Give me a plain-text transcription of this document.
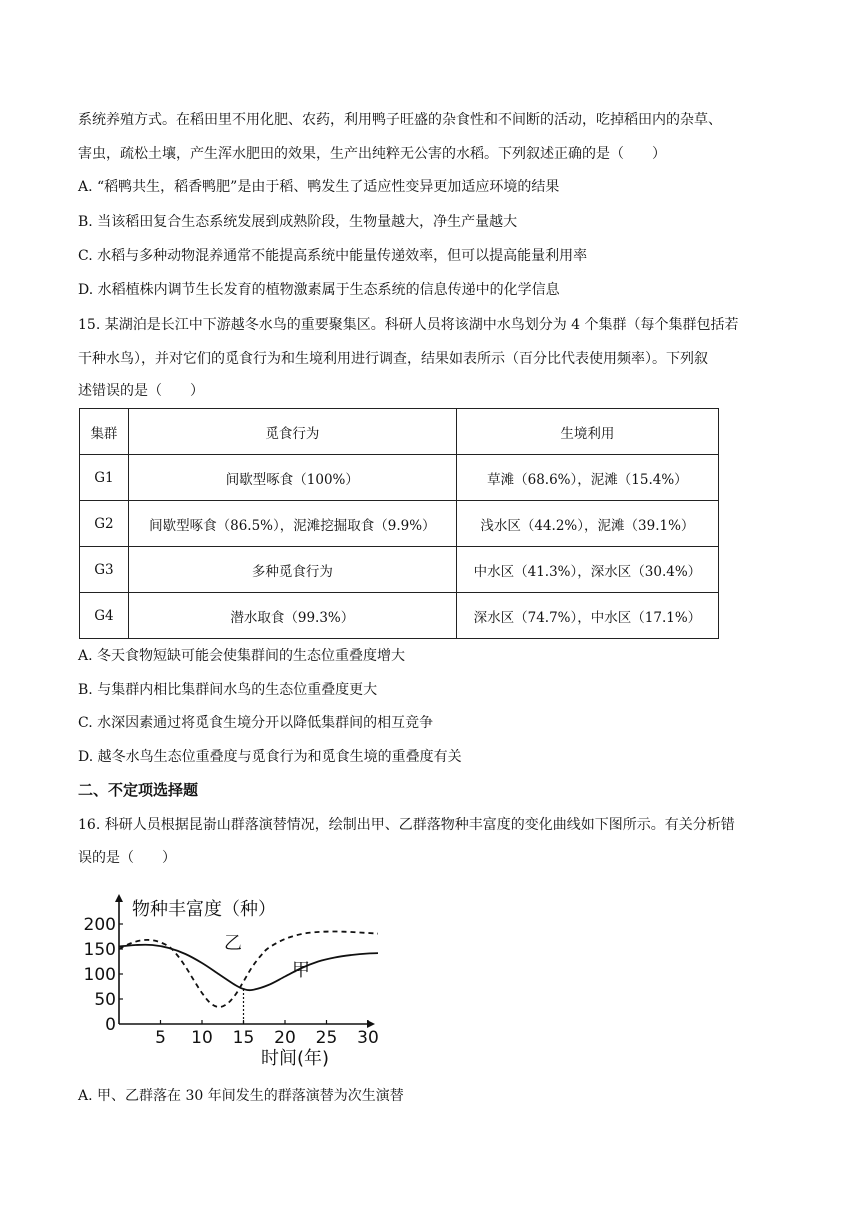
系统养殖方式。在稻田里不用化肥、农药，利用鸭子旺盛的杂食性和不间断的活动，吃掉稻田内的杂草、
害虫，疏松土壤，产生浑水肥田的效果，生产出纯粹无公害的水稻。下列叙述正确的是（　　）
A. “稻鸭共生，稻香鸭肥”是由于稻、鸭发生了适应性变异更加适应环境的结果
B. 当该稻田复合生态系统发展到成熟阶段，生物量越大，净生产量越大
C. 水稻与多种动物混养通常不能提高系统中能量传递效率，但可以提高能量利用率
D. 水稻植株内调节生长发育的植物激素属于生态系统的信息传递中的化学信息
15. 某湖泊是长江中下游越冬水鸟的重要聚集区。科研人员将该湖中水鸟划分为 4 个集群（每个集群包括若
干种水鸟），并对它们的觅食行为和生境利用进行调查，结果如表所示（百分比代表使用频率）。下列叙
述错误的是（　　）
集群	觅食行为	生境利用
G1	间歇型啄食（100%）	草滩（68.6%），泥滩（15.4%）
G2	间歇型啄食（86.5%），泥滩挖掘取食（9.9%）	浅水区（44.2%），泥滩（39.1%）
G3	多种觅食行为	中水区（41.3%），深水区（30.4%）
G4	潜水取食（99.3%）	深水区（74.7%），中水区（17.1%）
A. 冬天食物短缺可能会使集群间的生态位重叠度增大
B. 与集群内相比集群间水鸟的生态位重叠度更大
C. 水深因素通过将觅食生境分开以降低集群间的相互竞争
D. 越冬水鸟生态位重叠度与觅食行为和觅食生境的重叠度有关
二、不定项选择题
16. 科研人员根据昆嵛山群落演替情况，绘制出甲、乙群落物种丰富度的变化曲线如下图所示。有关分析错
误的是（　　）
5 10 15 20 25 30
50
100
150
200
0
物种丰富度（种）
时间(年)
乙
甲
A. 甲、乙群落在 30 年间发生的群落演替为次生演替
